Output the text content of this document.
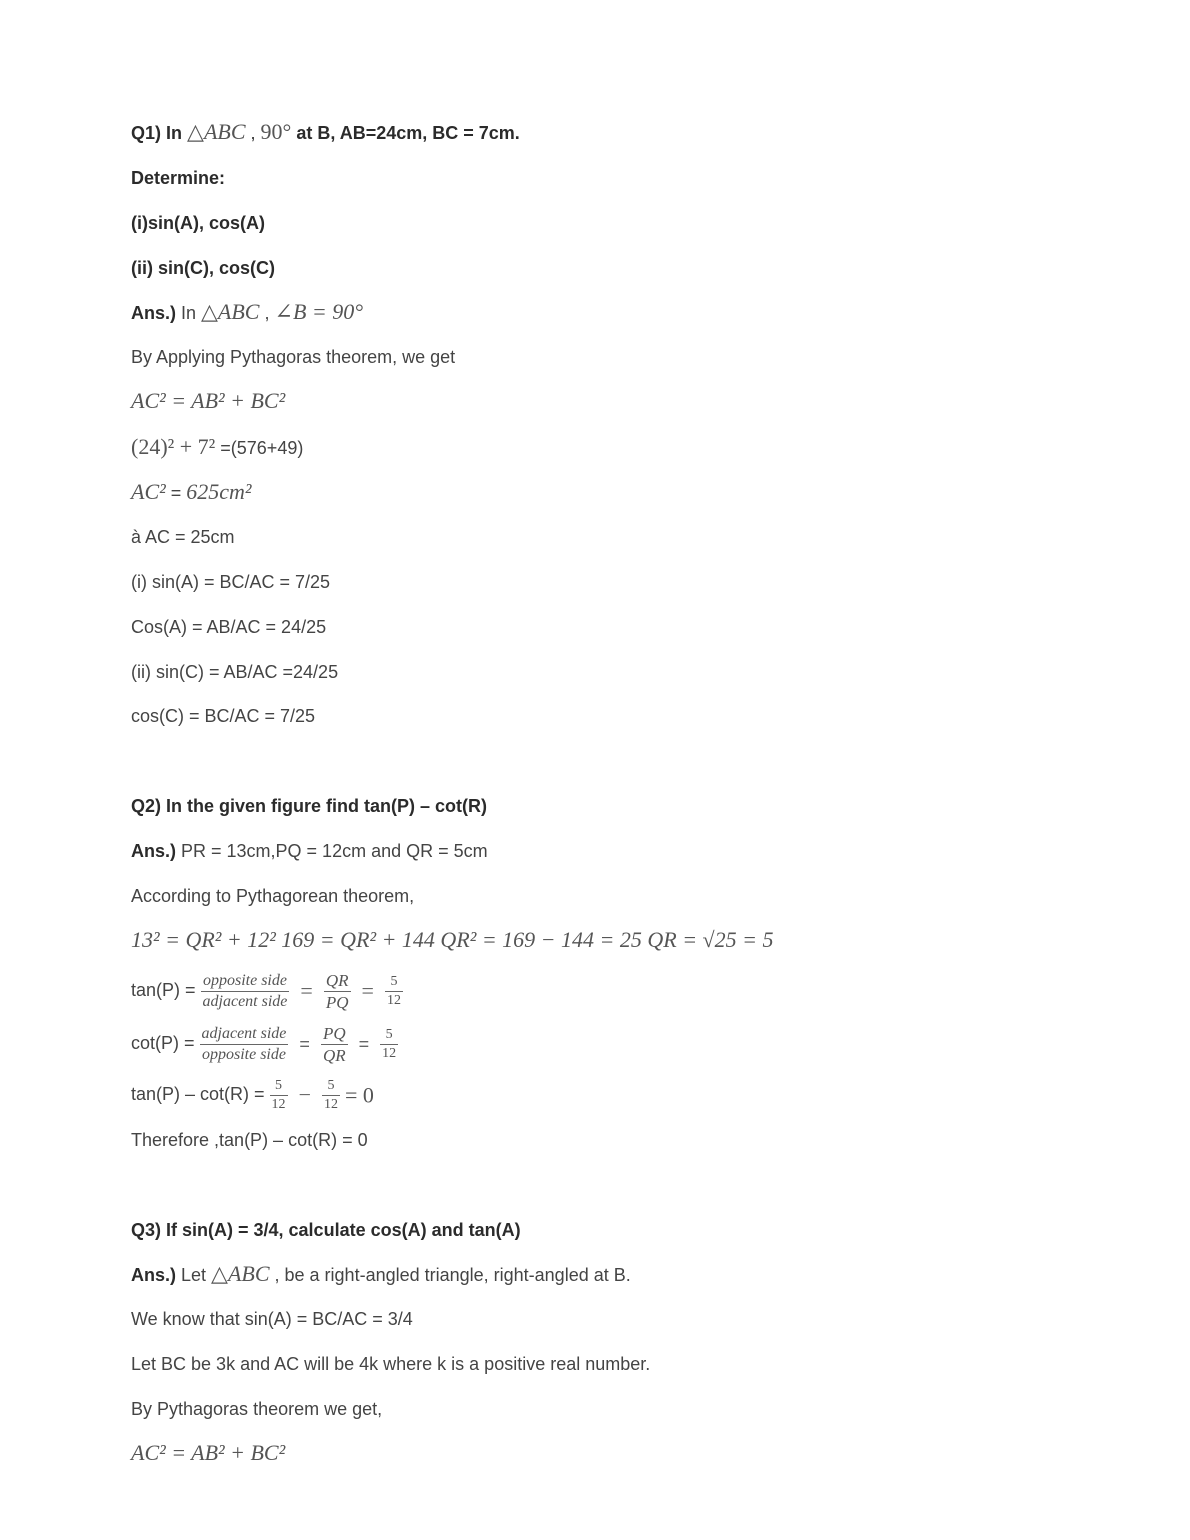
Q1) In △ABC , 90° at B, AB=24cm, BC = 7cm.
Determine:
(i)sin(A), cos(A)
(ii) sin(C), cos(C)
Ans.) In △ABC , ∠B = 90°
By Applying Pythagoras theorem, we get
AC² = AB² + BC²
(24)² + 7² =(576+49)
AC² = 625cm²
à AC = 25cm
(i) sin(A) = BC/AC = 7/25
Cos(A) = AB/AC = 24/25
(ii) sin(C) = AB/AC =24/25
cos(C) = BC/AC = 7/25
Q2) In the given figure find tan(P) – cot(R)
Ans.) PR = 13cm,PQ = 12cm and QR = 5cm
According to Pythagorean theorem,
13² = QR² + 12² 169 = QR² + 144 QR² = 169 − 144 = 25 QR = √25 = 5
$\tan(P) = \frac{\text{opposite side}}{\text{adjacent side}} = \frac{QR}{PQ} = \frac{5}{12}$
$\cot(P) = \frac{\text{adjacent side}}{\text{opposite side}} = \frac{PQ}{QR} = \frac{5}{12}$
$\tan(P) - \cot(R) = \frac{5}{12} - \frac{5}{12} = 0$
Therefore ,tan(P) – cot(R) = 0
Q3) If sin(A) = 3/4, calculate cos(A) and tan(A)
Ans.) Let △ABC , be a right-angled triangle, right-angled at B.
We know that sin(A) = BC/AC = 3/4
Let BC be 3k and AC will be 4k where k is a positive real number.
By Pythagoras theorem we get,
AC² = AB² + BC²
